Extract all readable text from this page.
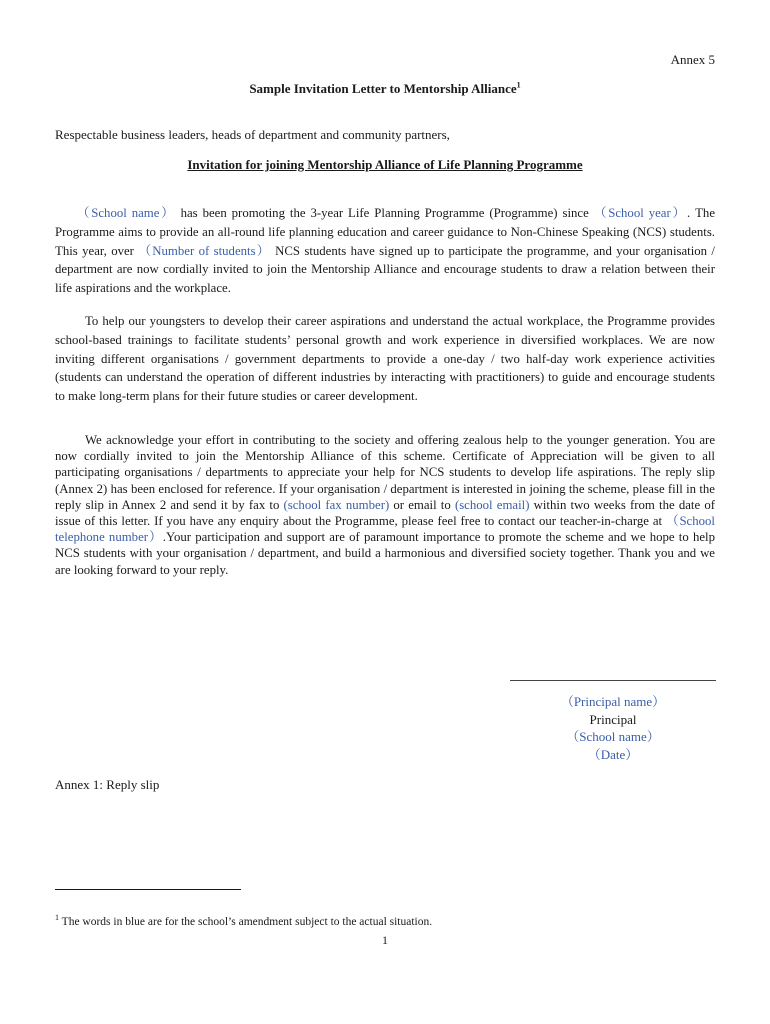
Annex 5
Sample Invitation Letter to Mentorship Alliance$^1$
Respectable business leaders, heads of department and community partners,
Invitation for joining Mentorship Alliance of Life Planning Programme
（School name） has been promoting the 3-year Life Planning Programme (Programme) since （School year）. The Programme aims to provide an all-round life planning education and career guidance to Non-Chinese Speaking (NCS) students. This year, over （Number of students） NCS students have signed up to participate the programme, and your organisation / department are now cordially invited to join the Mentorship Alliance and encourage students to draw a relation between their life aspirations and the workplace.
To help our youngsters to develop their career aspirations and understand the actual workplace, the Programme provides school-based trainings to facilitate students’ personal growth and work experience in diversified workplaces. We are now inviting different organisations / government departments to provide a one-day / two half-day work experience activities (students can understand the operation of different industries by interacting with practitioners) to guide and encourage students to make long-term plans for their future studies or career development.
We acknowledge your effort in contributing to the society and offering zealous help to the younger generation. You are now cordially invited to join the Mentorship Alliance of this scheme. Certificate of Appreciation will be given to all participating organisations / departments to appreciate your help for NCS students to develop life aspirations. The reply slip (Annex 2) has been enclosed for reference. If your organisation / department is interested in joining the scheme, please fill in the reply slip in Annex 2 and send it by fax to (school fax number) or email to (school email) within two weeks from the date of issue of this letter. If you have any enquiry about the Programme, please feel free to contact our teacher-in-charge at （School telephone number）.Your participation and support are of paramount importance to promote the scheme and we hope to help NCS students with your organisation / department, and build a harmonious and diversified society together. Thank you and we are looking forward to your reply.
（Principal name）
Principal
（School name）
（Date）
Annex 1: Reply slip
$^1$ The words in blue are for the school’s amendment subject to the actual situation.
1
